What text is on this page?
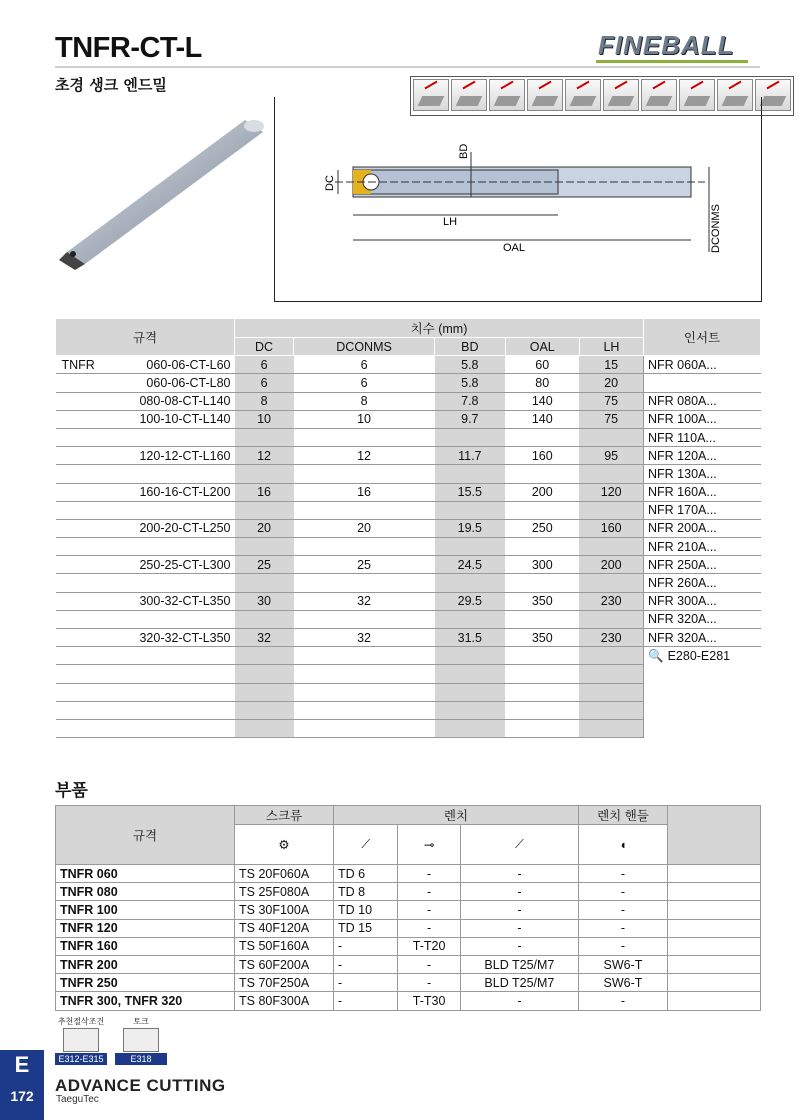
TNFR-CT-L
초경 생크 엔드밀
FINEBALL
BD
DC
LH
OAL	DCONMS
규격	치수 (mm)					인서트
	DC	DCONMS	BD	OAL	LH	

TNFR 060-06-CT-L60	6	6	5.8	60	15	NFR 060A...
060-06-CT-L80	6	6	5.8	80	20	
080-08-CT-L140	8	8	7.8	140	75	NFR 080A...
100-10-CT-L140	10	10	9.7	140	75	NFR 100A...
						NFR 110A...
120-12-CT-L160	12	12	11.7	160	95	NFR 120A...
						NFR 130A...
160-16-CT-L200	16	16	15.5	200	120	NFR 160A...
						NFR 170A...
200-20-CT-L250	20	20	19.5	250	160	NFR 200A...
						NFR 210A...
250-25-CT-L300	25	25	24.5	300	200	NFR 250A...
						NFR 260A...
300-32-CT-L350	30	32	29.5	350	230	NFR 300A...
						NFR 320A...
320-32-CT-L350	32	32	31.5	350	230	NFR 320A...

						🔍 E280-E281

부품
규격	스크류	렌치			렌치 핸들	
	⚙	⟋	⊸	⟋	◖	
TNFR 060	TS 20F060A	TD 6	-	-	-	
TNFR 080	TS 25F080A	TD 8	-	-	-	
TNFR 100	TS 30F100A	TD 10	-	-	-	
TNFR 120	TS 40F120A	TD 15	-	-	-	
TNFR 160	TS 50F160A	-	T-T20	-	-	
TNFR 200	TS 60F200A	-	-	BLD T25/M7	SW6-T	
TNFR 250	TS 70F250A	-	-	BLD T25/M7	SW6-T	
TNFR 300, TNFR 320	TS 80F300A	-	T-T30	-	-	
추천절삭조건
E312-E315
토크
E318
E
172
ADVANCE CUTTING
TaeguTec
